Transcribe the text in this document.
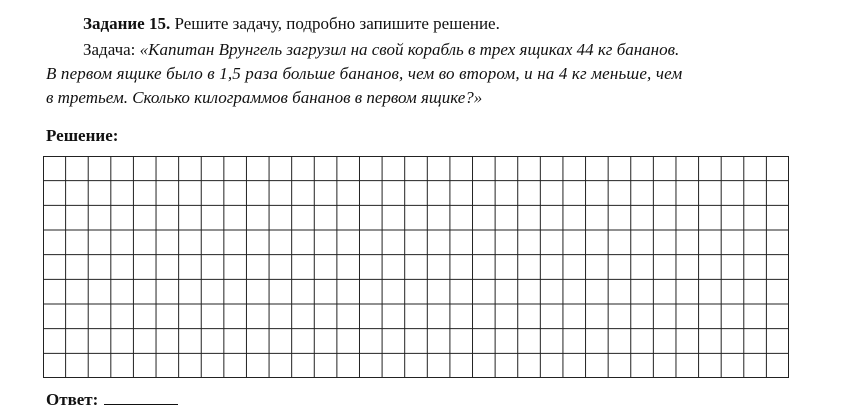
Задание 15. Решите задачу, подробно запишите решение.
Задача: «Капитан Врунгель загрузил на свой корабль в трех ящиках 44 кг бананов.
В первом ящике было в 1,5 раза больше бананов, чем во втором, и на 4 кг меньше, чем
в третьем. Сколько килограммов бананов в первом ящике?»
Решение:
Ответ:
